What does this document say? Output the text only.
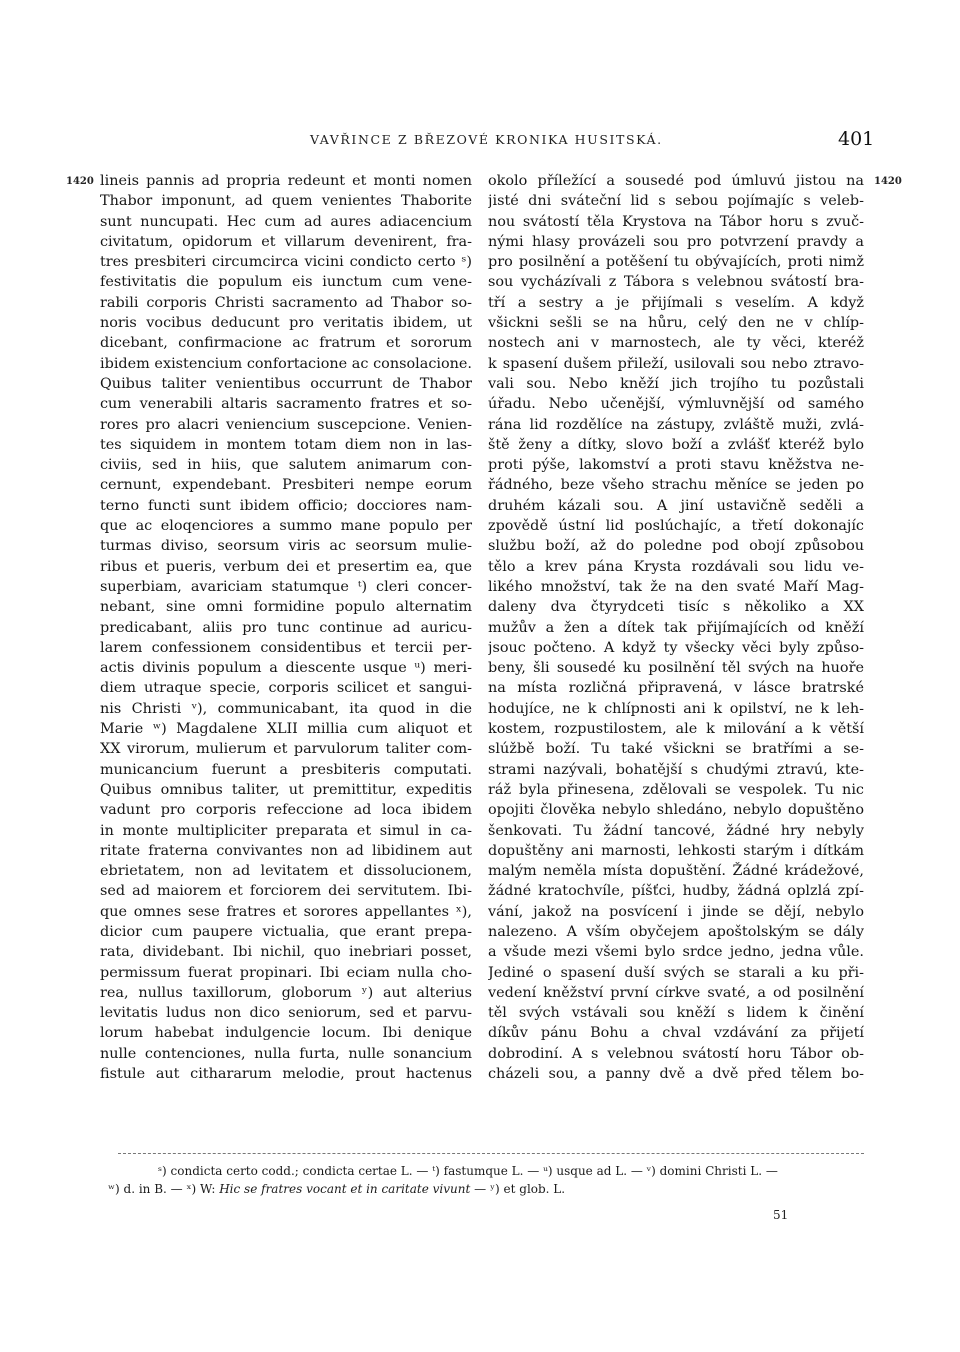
VAVŘINCE Z BŘEZOVÉ KRONIKA HUSITSKÁ.	401
1420	1420
lineis pannis ad propria redeunt et monti nomen
Thabor imponunt, ad quem venientes Thaborite
sunt nuncupati. Hec cum ad aures adiacencium
civitatum, opidorum et villarum devenirent, fra-
tres presbiteri circumcirca vicini condicto certo ˢ)
festivitatis die populum eis iunctum cum vene-
rabili corporis Christi sacramento ad Thabor so-
noris vocibus deducunt pro veritatis ibidem, ut
dicebant, confirmacione ac fratrum et sororum
ibidem existencium confortacione ac consolacione.
Quibus taliter venientibus occurrunt de Thabor
cum venerabili altaris sacramento fratres et so-
rores pro alacri veniencium suscepcione. Venien-
tes siquidem in montem totam diem non in las-
civiis, sed in hiis, que salutem animarum con-
cernunt, expendebant. Presbiteri nempe eorum
terno functi sunt ibidem officio; docciores nam-
que ac eloqenciores a summo mane populo per
turmas diviso, seorsum viris ac seorsum mulie-
ribus et pueris, verbum dei et presertim ea, que
superbiam, avariciam statumque ᵗ) cleri concer-
nebant, sine omni formidine populo alternatim
predicabant, aliis pro tunc continue ad auricu-
larem confessionem considentibus et tercii per-
actis divinis populum a diescente usque ᵘ) meri-
diem utraque specie, corporis scilicet et sangui-
nis Christi ᵛ), communicabant, ita quod in die
Marie ʷ) Magdalene XLII millia cum aliquot et
XX virorum, mulierum et parvulorum taliter com-
municancium fuerunt a presbiteris computati.
Quibus omnibus taliter, ut premittitur, expeditis
vadunt pro corporis refeccione ad loca ibidem
in monte multipliciter preparata et simul in ca-
ritate fraterna convivantes non ad libidinem aut
ebrietatem, non ad levitatem et dissolucionem,
sed ad maiorem et forciorem dei servitutem. Ibi-
que omnes sese fratres et sorores appellantes ˣ),
dicior cum paupere victualia, que erant prepa-
rata, dividebant. Ibi nichil, quo inebriari posset,
permissum fuerat propinari. Ibi eciam nulla cho-
rea, nullus taxillorum, globorum ʸ) aut alterius
levitatis ludus non dico seniorum, sed et parvu-
lorum habebat indulgencie locum. Ibi denique
nulle contenciones, nulla furta, nulle sonancium
fistule aut cithararum melodie, prout hactenus
okolo příležící a sousedé pod úmluvú jistou na
jisté dni sváteční lid s sebou pojímajíc s veleb-
nou svátostí těla Krystova na Tábor horu s zvuč-
nými hlasy provázeli sou pro potvrzení pravdy a
pro posilnění a potěšení tu obývajících, proti nimž
sou vycházívali z Tábora s velebnou svátostí bra-
tří a sestry a je přijímali s veselím. A když
všickni sešli se na hůru, celý den ne v chlíp-
nostech ani v marnostech, ale ty věci, kteréž
k spasení dušem přileží, usilovali sou nebo ztravo-
vali sou. Nebo kněží jich trojího tu pozůstali
úřadu. Nebo učenější, výmluvnější od samého
rána lid rozdělíce na zástupy, zvláště muži, zvlá-
ště ženy a dítky, slovo boží a zvlášť kteréž bylo
proti pýše, lakomství a proti stavu kněžstva ne-
řádného, beze všeho strachu měníce se jeden po
druhém kázali sou. A jiní ustavičně seděli a
zpovědě ústní lid poslúchajíc, a třetí dokonajíc
službu boží, až do poledne pod obojí způsobou
tělo a krev pána Krysta rozdávali sou lidu ve-
likého množství, tak že na den svaté Maří Mag-
daleny dva čtyrydceti tisíc s několiko a XX
mužův a žen a dítek tak přijímajících od kněží
jsouc počteno. A když ty všecky věci byly způso-
beny, šli sousedé ku posilnění těl svých na huoře
na místa rozličná připravená, v lásce bratrské
hodujíce, ne k chlípnosti ani k opilství, ne k leh-
kostem, rozpustilostem, ale k milování a k větší
slúžbě boží. Tu také všickni se bratřími a se-
strami nazývali, bohatější s chudými ztravú, kte-
ráž byla přinesena, zdělovali se vespolek. Tu nic
opojiti člověka nebylo shledáno, nebylo dopuštěno
šenkovati. Tu žádní tancové, žádné hry nebyly
dopuštěny ani marnosti, lehkosti starým i dítkám
malým neměla místa dopuštění. Žádné krádežové,
žádné kratochvíle, píšťci, hudby, žádná oplzlá zpí-
vání, jakož na posvícení i jinde se dějí, nebylo
nalezeno. A vším obyčejem apoštolským se dály
a všude mezi všemi bylo srdce jedno, jedna vůle.
Jediné o spasení duší svých se starali a ku při-
vedení kněžství první církve svaté, a od posilnění
těl svých vstávali sou kněží s lidem k činění
díkův pánu Bohu a chval vzdávání za přijetí
dobrodiní. A s velebnou svátostí horu Tábor ob-
cházeli sou, a panny dvě a dvě před tělem bo-
ˢ) condicta certo codd.; condicta certae L. — ᵗ) fastumque L. — ᵘ) usque ad L. — ᵛ) domini Christi L. —
ʷ) d. in B. — ˣ) W: Hic se fratres vocant et in caritate vivunt — ʸ) et glob. L.
51
